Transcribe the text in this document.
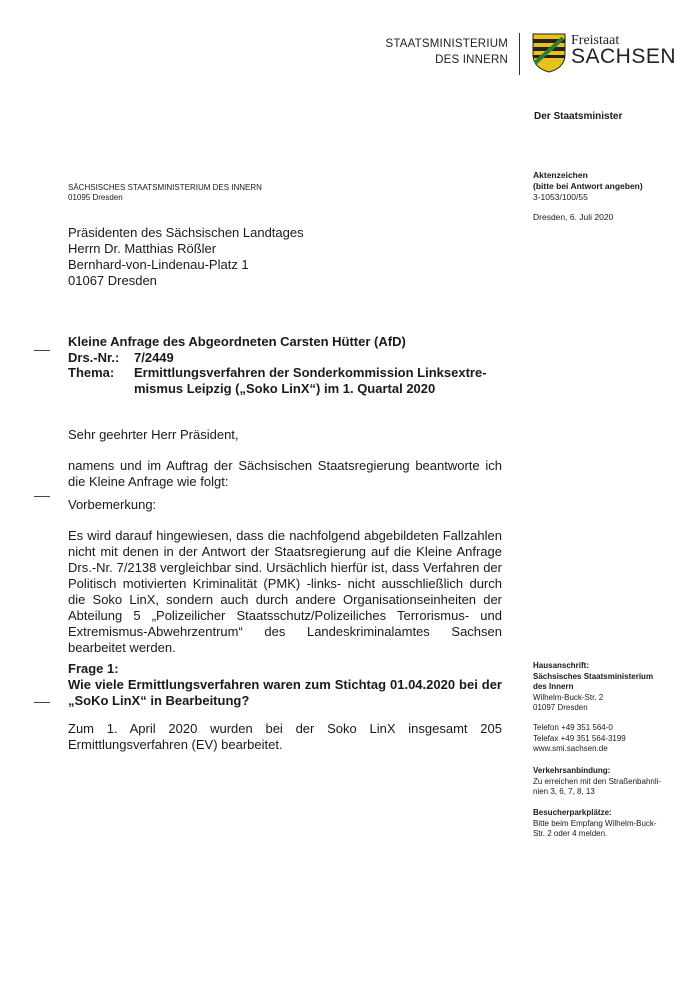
STAATSMINISTERIUM
DES INNERN
Freistaat
SACHSEN
Der Staatsminister
SÄCHSISCHES STAATSMINISTERIUM DES INNERN
01095 Dresden
Aktenzeichen
(bitte bei Antwort angeben)
3-1053/100/55
Dresden, 6. Juli 2020
Präsidenten des Sächsischen Landtages
Herrn Dr. Matthias Rößler
Bernhard-von-Lindenau-Platz 1
01067 Dresden
Kleine Anfrage des Abgeordneten Carsten Hütter (AfD)
Drs.-Nr.: 7/2449
Thema: Ermittlungsverfahren der Sonderkommission Linksextre-
mismus Leipzig („Soko LinX“) im 1. Quartal 2020
Sehr geehrter Herr Präsident,
namens und im Auftrag der Sächsischen Staatsregierung beantworte ich die Kleine Anfrage wie folgt:
Vorbemerkung:
Es wird darauf hingewiesen, dass die nachfolgend abgebildeten Fallzahlen nicht mit denen in der Antwort der Staatsregierung auf die Kleine Anfrage Drs.-Nr. 7/2138 vergleichbar sind. Ursächlich hierfür ist, dass Verfahren der Politisch motivierten Kriminalität (PMK) -links- nicht ausschließlich durch die Soko LinX, sondern auch durch andere Organisationseinheiten der Abteilung 5 „Polizeilicher Staatsschutz/Polizeiliches Terrorismus- und Extremismus-Abwehrzentrum“ des Landeskriminalamtes Sachsen bearbeitet werden.
Frage 1:
Wie viele Ermittlungsverfahren waren zum Stichtag 01.04.2020 bei der „SoKo LinX“ in Bearbeitung?
Zum 1. April 2020 wurden bei der Soko LinX insgesamt 205 Ermittlungsverfahren (EV) bearbeitet.
Hausanschrift:
Sächsisches Staatsministerium
des Innern
Wilhelm-Buck-Str. 2
01097 Dresden
Telefon +49 351 564-0
Telefax +49 351 564-3199
www.smi.sachsen.de
Verkehrsanbindung:
Zu erreichen mit den Straßenbahnli-
nien 3, 6, 7, 8, 13
Besucherparkplätze:
Bitte beim Empfang Wilhelm-Buck-
Str. 2 oder 4 melden.
